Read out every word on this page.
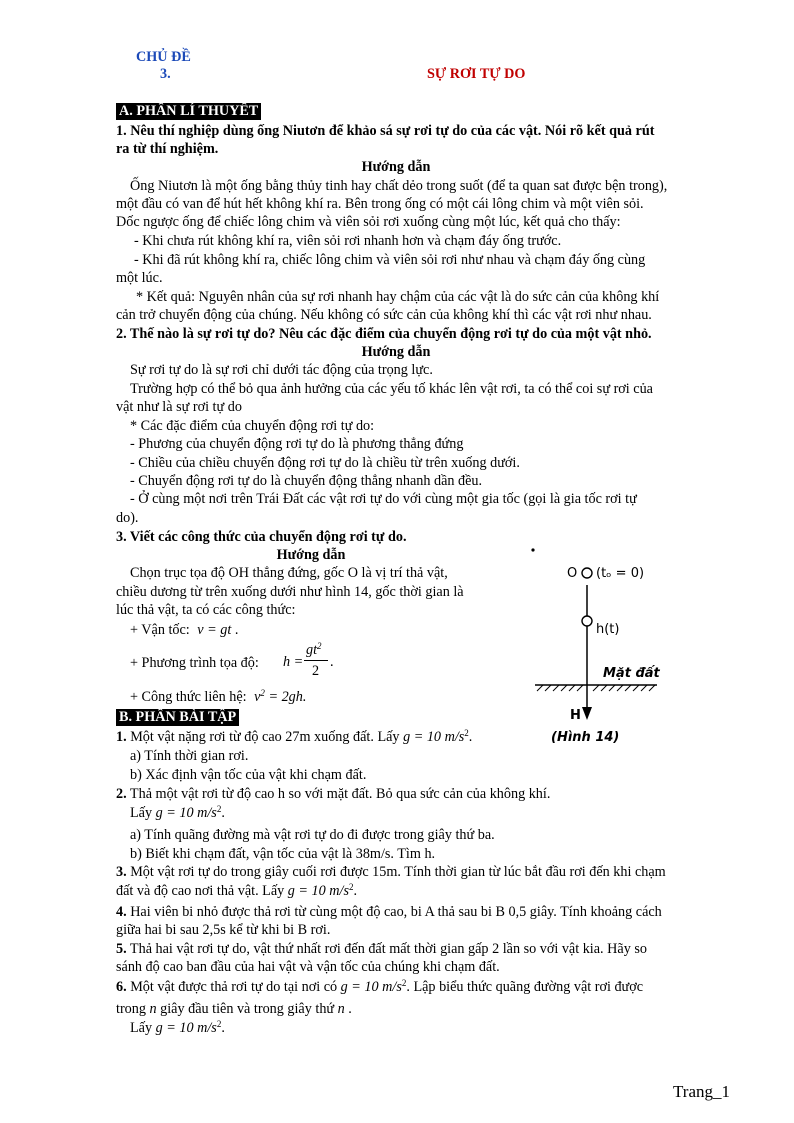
CHỦ ĐỀ
3.	SỰ RƠI TỰ DO
A. PHẦN LÍ THUYẾT
1. Nêu thí nghiệp dùng ống Niutơn để khảo sá sự rơi tự do của các vật. Nói rõ kết quả rút
ra từ thí nghiệm.
Hướng dẫn
Ống Niutơn là một ống bằng thủy tinh hay chất dẻo trong suốt (để ta quan sat được bện trong),
một đầu có van để hút hết không khí ra. Bên trong ống có một cái lông chim và một viên sỏi.
Dốc ngược ống để chiếc lông chim và viên sỏi rơi xuống cùng một lúc, kết quả cho thấy:
- Khi chưa rút không khí ra, viên sỏi rơi nhanh hơn và chạm đáy ống trước.
- Khi đã rút không khí ra, chiếc lông chim và viên sỏi rơi như nhau và chạm đáy ống cùng
một lúc.
* Kết quả: Nguyên nhân của sự rơi nhanh hay chậm của các vật là do sức cản của không khí
cản trở chuyển động của chúng. Nếu không có sức cản của không khí thì các vật rơi như nhau.
2. Thế nào là sự rơi tự do? Nêu các đặc điểm của chuyển động rơi tự do của một vật nhỏ.
Hướng dẫn
Sự rơi tự do là sự rơi chỉ dưới tác động của trọng lực.
Trường hợp có thể bỏ qua ảnh hưởng của các yếu tố khác lên vật rơi, ta có thể coi sự rơi của
vật như là sự rơi tự do
* Các đặc điểm của chuyển động rơi tự do:
- Phương của chuyển động rơi tự do là phương thẳng đứng
- Chiều của chiều chuyển động rơi tự do là chiều từ trên xuống dưới.
- Chuyển động rơi tự do là chuyển động thẳng nhanh dần đều.
- Ở cùng một nơi trên Trái Đất các vật rơi tự do với cùng một gia tốc (gọi là gia tốc rơi tự
do).
3. Viết các công thức của chuyển động rơi tự do.
Hướng dẫn
Chọn trục tọa độ OH thẳng đứng, gốc O là vị trí thả vật,
chiều dương từ trên xuống dưới như hình 14, gốc thời gian là
lúc thả vật, ta có các công thức:
+ Vận tốc: v = gt .
+ Phương trình tọa độ: h =
$gt^2$
2
.
+ Công thức liên hệ: $v^2 = 2gh$.
O (tₒ = 0)
h(t)
Mặt đất
H
(Hình 14)
B. PHẦN BÀI TẬP
1. Một vật nặng rơi từ độ cao 27m xuống đất. Lấy g = 10 $m/s^2$.
a) Tính thời gian rơi.
b) Xác định vận tốc của vật khi chạm đất.
2. Thả một vật rơi từ độ cao h so với mặt đất. Bỏ qua sức cản của không khí.
Lấy g = 10 $m/s^2$.
a) Tính quãng đường mà vật rơi tự do đi được trong giây thứ ba.
b) Biết khi chạm đất, vận tốc của vật là 38m/s. Tìm h.
3. Một vật rơi tự do trong giây cuối rơi được 15m. Tính thời gian từ lúc bắt đầu rơi đến khi chạm
đất và độ cao nơi thả vật. Lấy g = 10 $m/s^2$.
4. Hai viên bi nhỏ được thả rơi từ cùng một độ cao, bi A thả sau bi B 0,5 giây. Tính khoảng cách
giữa hai bi sau 2,5s kể từ khi bi B rơi.
5. Thả hai vật rơi tự do, vật thứ nhất rơi đến đất mất thời gian gấp 2 lần so với vật kia. Hãy so
sánh độ cao ban đầu của hai vật và vận tốc của chúng khi chạm đất.
6. Một vật được thả rơi tự do tại nơi có g = 10 $m/s^2$. Lập biểu thức quãng đường vật rơi được
trong n giây đầu tiên và trong giây thứ n .
Lấy g = 10 $m/s^2$.
Trang_1
